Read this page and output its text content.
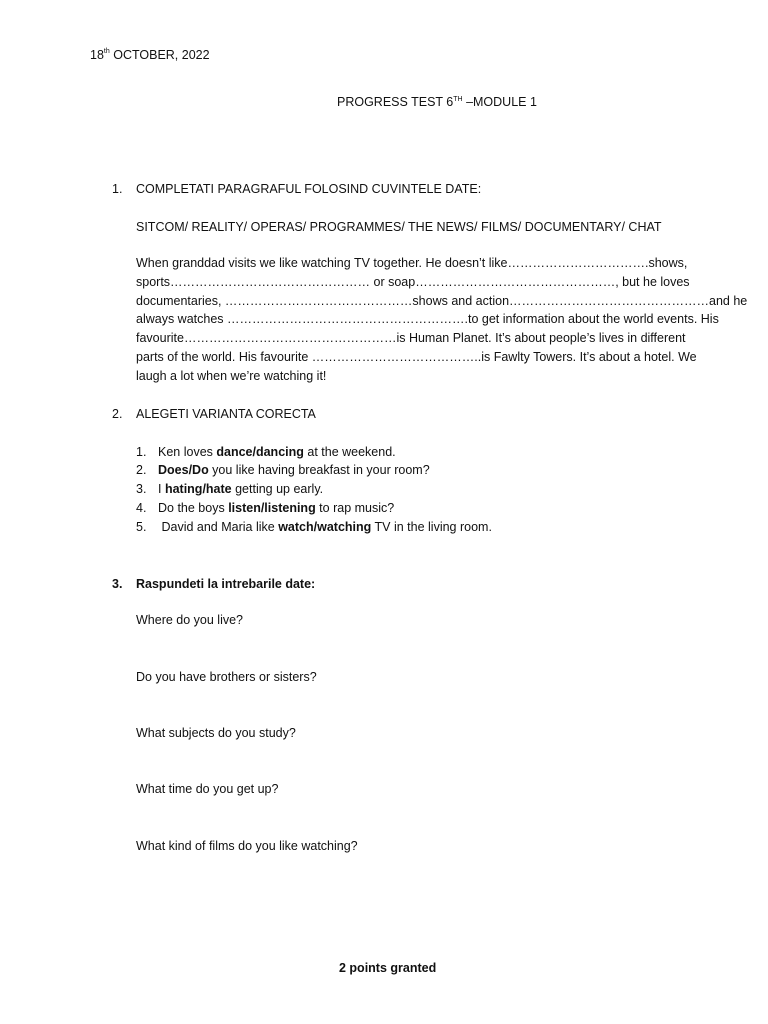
18th OCTOBER, 2022
PROGRESS TEST 6TH –MODULE 1
1. COMPLETATI PARAGRAFUL FOLOSIND CUVINTELE DATE:
SITCOM/ REALITY/ OPERAS/ PROGRAMMES/ THE NEWS/ FILMS/ DOCUMENTARY/ CHAT
When granddad visits we like watching TV together. He doesn’t like…………………………….shows,
sports………………………………………… or soap…………………………………………, but he loves
documentaries, ………………………………………shows and action…………………………………………and he
always watches ………………………………………………….to get information about the world events. His
favourite……………………………………………is Human Planet. It’s about people’s lives in different
parts of the world. His favourite …………………………………..is Fawlty Towers. It’s about a hotel. We
laugh a lot when we’re watching it!
2. ALEGETI VARIANTA CORECTA
1. Ken loves dance/dancing at the weekend.
2. Does/Do you like having breakfast in your room?
3. I hating/hate getting up early.
4. Do the boys listen/listening to rap music?
5. David and Maria like watch/watching TV in the living room.
3. Raspundeti la intrebarile date:
Where do you live?
Do you have brothers or sisters?
What subjects do you study?
What time do you get up?
What kind of films do you like watching?
2 points granted
